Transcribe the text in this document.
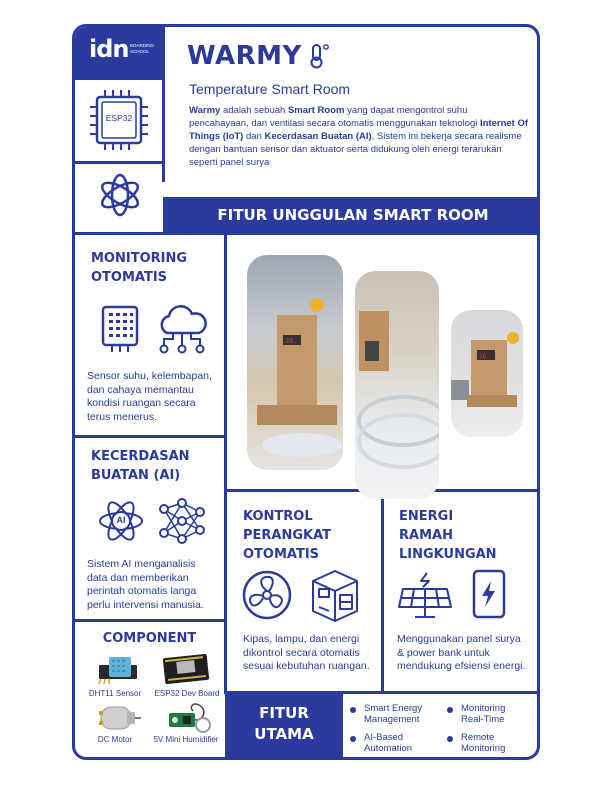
idn BOARDING
SCHOOL WARMY
Temperature Smart Room
Warmy adalah sebuah Smart Room yang dapat mengontrol suhu pencahayaan, dan ventilasi secara otomatis menggunakan teknologi Internet Of Things (IoT) dan Kecerdasan Buatan (AI), Sistem ini bekerja secara realisme dengan bantuan sensor dan aktuator serta didukung oleh energi terarukan seperti panel surya
ESP32
FITUR UNGGULAN SMART ROOM
MONITORING
OTOMATIS
Sensor suhu, kelembapan, dan cahaya memantau kondisi ruangan secara terus menerus.
KECERDASAN
BUATAN (AI)
AI
Sistem AI menganalisis data dan memberikan perintah otomatis langa perlu intervensi manusia.
COMPONENT
DHT11 Sensor	ESP32 Dev Board
DC Motor	5V Mini Humidifier
26.
26.
KONTROL
PERANGKAT
OTOMATIS
Kipas, lampu, dan energi dikontrol secara otomatis sesuai kebutuhan ruangan.
ENERGI
RAMAH
LINGKUNGAN
Menggunakan panel surya & power bank untuk mendukung efsiensi energi.
FITUR
UTAMA
Smart Energy
Management
Monitoring
Real-Time
AI-Based
Automation
Remote
Monitoring
